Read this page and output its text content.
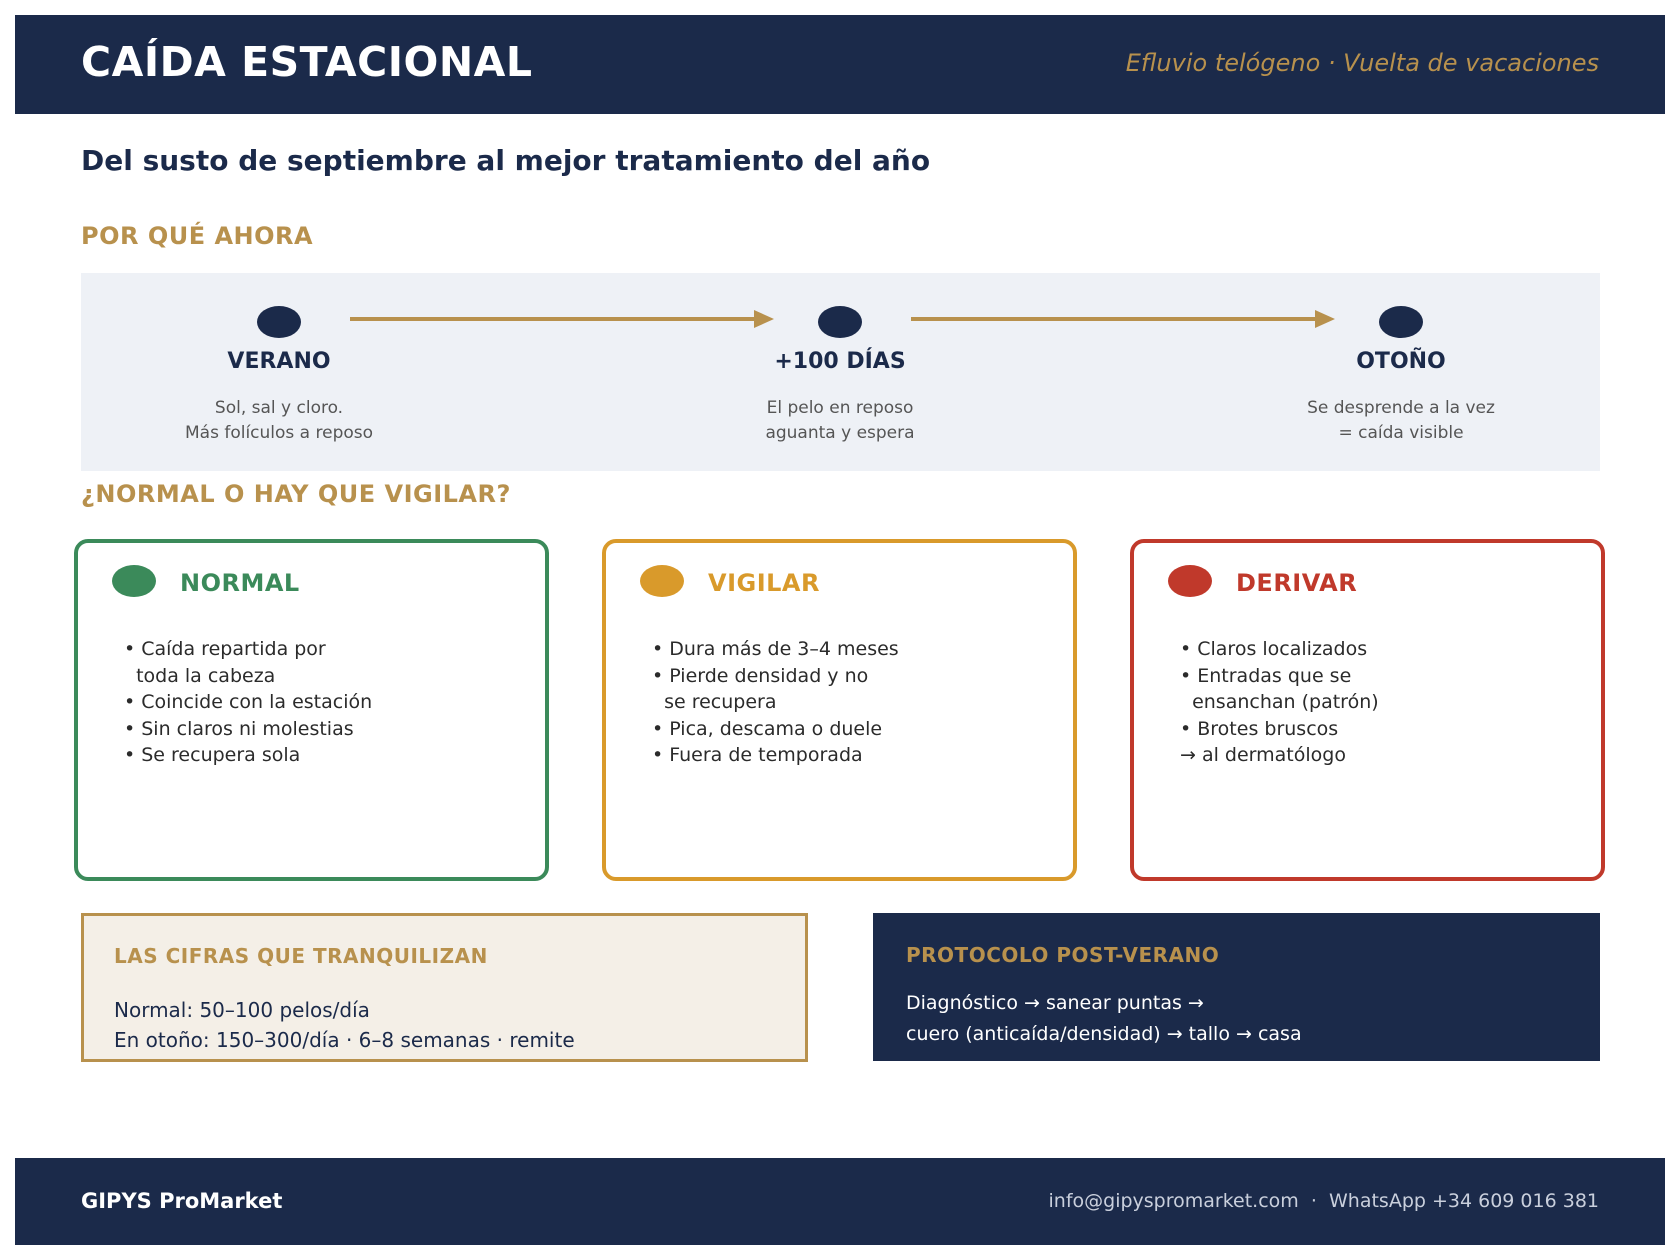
CAÍDA ESTACIONAL	Efluvio telógeno · Vuelta de vacaciones
Del susto de septiembre al mejor tratamiento del año
POR QUÉ AHORA
VERANO
Sol, sal y cloro.
Más folículos a reposo
+100 DÍAS
El pelo en reposo
aguanta y espera
OTOÑO
Se desprende a la vez
= caída visible
¿NORMAL O HAY QUE VIGILAR?
NORMAL
• Caída repartida por
toda la cabeza
• Coincide con la estación
• Sin claros ni molestias
• Se recupera sola
VIGILAR
• Dura más de 3–4 meses
• Pierde densidad y no
se recupera
• Pica, descama o duele
• Fuera de temporada
DERIVAR
• Claros localizados
• Entradas que se
ensanchan (patrón)
• Brotes bruscos
→ al dermatólogo
LAS CIFRAS QUE TRANQUILIZAN
Normal: 50–100 pelos/día
En otoño: 150–300/día · 6–8 semanas · remite
PROTOCOLO POST-VERANO
Diagnóstico → sanear puntas →
cuero (anticaída/densidad) → tallo → casa
GIPYS ProMarket	info@gipyspromarket.com  ·  WhatsApp +34 609 016 381
